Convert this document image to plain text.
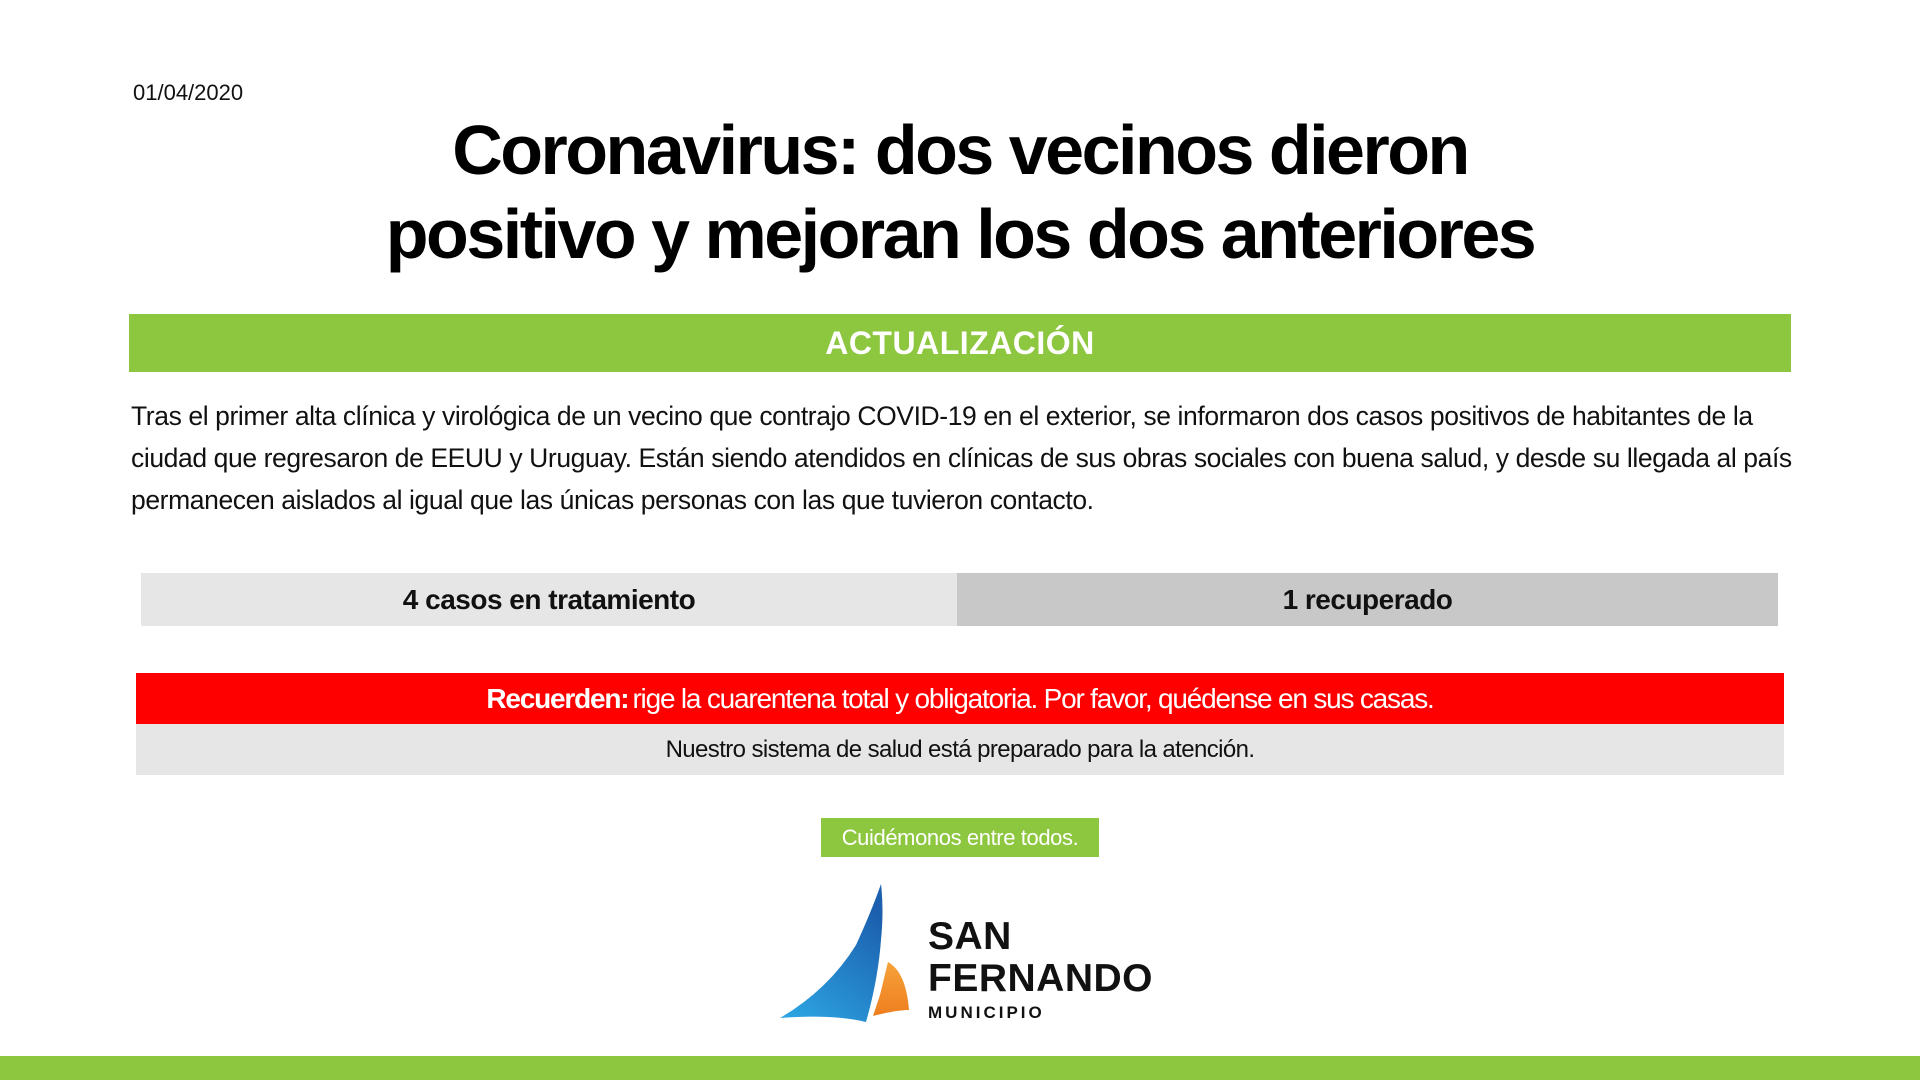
01/04/2020
Coronavirus: dos vecinos dieron
positivo y mejoran los dos anteriores
ACTUALIZACIÓN

Tras el primer alta clínica y virológica de un vecino que contrajo COVID-19 en el exterior, se informaron dos casos positivos de habitantes de la ciudad que regresaron de EEUU y Uruguay. Están siendo atendidos en clínicas de sus obras sociales con buena salud, y desde su llegada al país permanecen aislados al igual que las únicas personas con las que tuvieron contacto.

4 casos en tratamiento	1 recuperado
Recuerden: rige la cuarentena total y obligatoria. Por favor, quédense en sus casas.
Nuestro sistema de salud está preparado para la atención.
Cuidémonos entre todos.
SAN
FERNANDO
MUNICIPIO
